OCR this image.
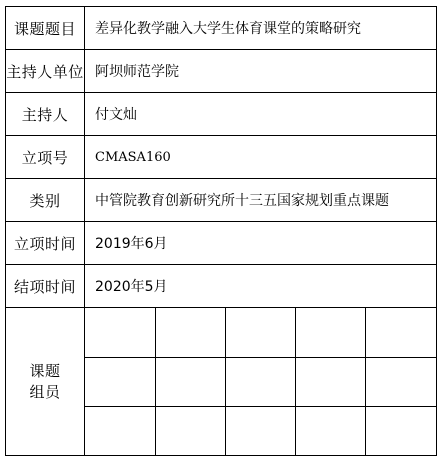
课题题目	差异化教学融入大学生体育课堂的策略研究
主持人单位	阿坝师范学院
主持人	付文灿
立项号	CMASA160
类别	中管院教育创新研究所十三五国家规划重点课题
立项时间	2019年6月
结项时间	2020年5月

课题
组员
